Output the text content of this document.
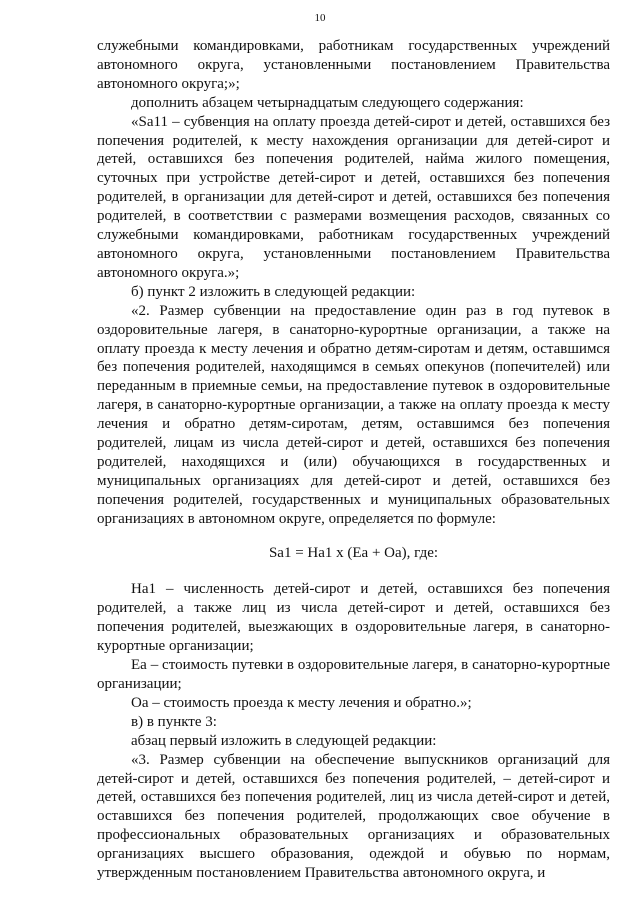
10

служебными командировками, работникам государственных учреждений автономного округа, установленными постановлением Правительства автономного округа;»;

дополнить абзацем четырнадцатым следующего содержания:

«Sa11 – субвенция на оплату проезда детей-сирот и детей, оставшихся без попечения родителей, к месту нахождения организации для детей-сирот и детей, оставшихся без попечения родителей, найма жилого помещения, суточных при устройстве детей-сирот и детей, оставшихся без попечения родителей, в организации для детей-сирот и детей, оставшихся без попечения родителей, в соответствии с размерами возмещения расходов, связанных со служебными командировками, работникам государственных учреждений автономного округа, установленными постановлением Правительства автономного округа.»;

б) пункт 2 изложить в следующей редакции:

«2. Размер субвенции на предоставление один раз в год путевок в оздоровительные лагеря, в санаторно-курортные организации, а также на оплату проезда к месту лечения и обратно детям-сиротам и детям, оставшимся без попечения родителей, находящимся в семьях опекунов (попечителей) или переданным в приемные семьи, на предоставление путевок в оздоровительные лагеря, в санаторно-курортные организации, а также на оплату проезда к месту лечения и обратно детям-сиротам, детям, оставшимся без попечения родителей, лицам из числа детей-сирот и детей, оставшихся без попечения родителей, находящихся и (или) обучающихся в государственных и муниципальных организациях для детей-сирот и детей, оставшихся без попечения родителей, государственных и муниципальных образовательных организациях в автономном округе, определяется по формуле:

Sa1 = Ha1 x (Ea + Oa), где:

Ha1 – численность детей-сирот и детей, оставшихся без попечения родителей, а также лиц из числа детей-сирот и детей, оставшихся без попечения родителей, выезжающих в оздоровительные лагеря, в санаторно-курортные организации;

Ea – стоимость путевки в оздоровительные лагеря, в санаторно-курортные организации;

Oa – стоимость проезда к месту лечения и обратно.»;

в) в пункте 3:

абзац первый изложить в следующей редакции:

«3. Размер субвенции на обеспечение выпускников организаций для детей-сирот и детей, оставшихся без попечения родителей, – детей-сирот и детей, оставшихся без попечения родителей, лиц из числа детей-сирот и детей, оставшихся без попечения родителей, продолжающих свое обучение в профессиональных образовательных организациях и образовательных организациях высшего образования, одеждой и обувью по нормам, утвержденным постановлением Правительства автономного округа, и
